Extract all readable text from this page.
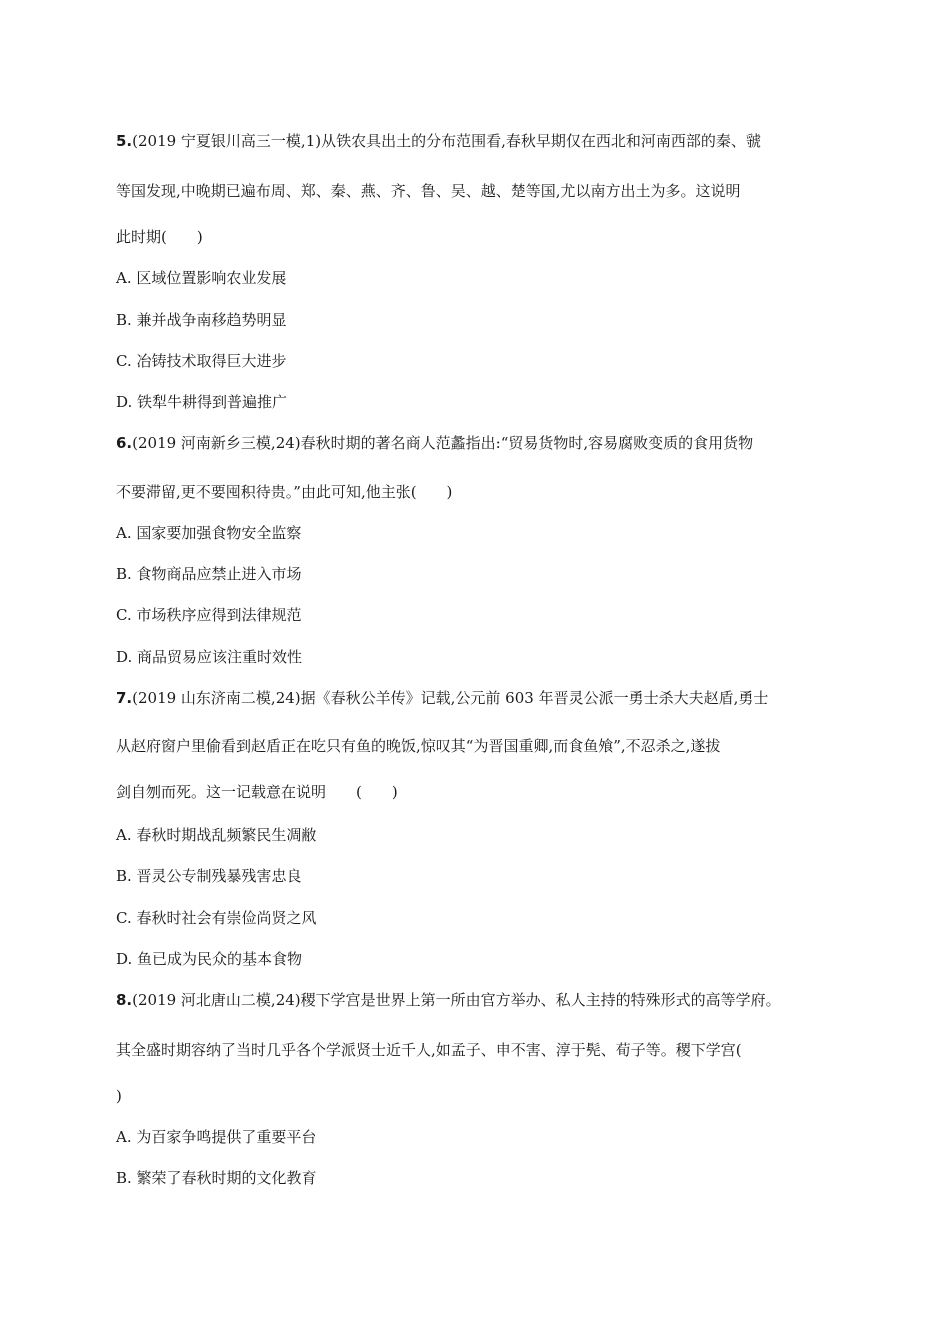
5.(2019 宁夏银川高三一模,1)从铁农具出土的分布范围看,春秋早期仅在西北和河南西部的秦、虢
等国发现,中晚期已遍布周、郑、秦、燕、齐、鲁、吴、越、楚等国,尤以南方出土为多。这说明
此时期(　　)
A. 区域位置影响农业发展
B. 兼并战争南移趋势明显
C. 冶铸技术取得巨大进步
D. 铁犁牛耕得到普遍推广
6.(2019 河南新乡三模,24)春秋时期的著名商人范蠡指出:“贸易货物时,容易腐败变质的食用货物
不要滞留,更不要囤积待贵。”由此可知,他主张(　　)
A. 国家要加强食物安全监察
B. 食物商品应禁止进入市场
C. 市场秩序应得到法律规范
D. 商品贸易应该注重时效性
7.(2019 山东济南二模,24)据《春秋公羊传》记载,公元前 603 年晋灵公派一勇士杀大夫赵盾,勇士
从赵府窗户里偷看到赵盾正在吃只有鱼的晚饭,惊叹其“为晋国重卿,而食鱼飧”,不忍杀之,遂拔
剑自刎而死。这一记载意在说明　　(　　)
A. 春秋时期战乱频繁民生凋敝
B. 晋灵公专制残暴残害忠良
C. 春秋时社会有崇俭尚贤之风
D. 鱼已成为民众的基本食物
8.(2019 河北唐山二模,24)稷下学宫是世界上第一所由官方举办、私人主持的特殊形式的高等学府。
其全盛时期容纳了当时几乎各个学派贤士近千人,如孟子、申不害、淳于髡、荀子等。稷下学宫(
)
A. 为百家争鸣提供了重要平台
B. 繁荣了春秋时期的文化教育
